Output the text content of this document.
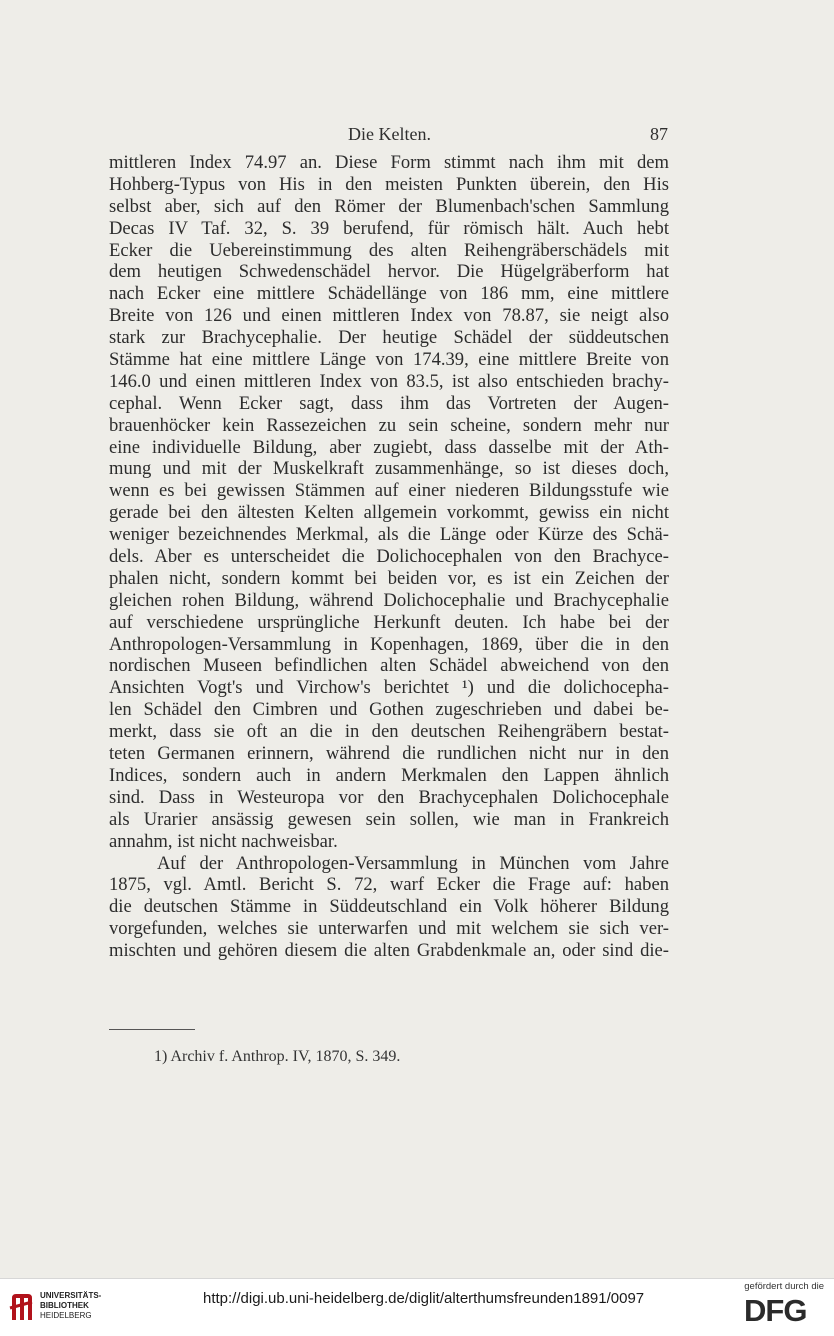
Die Kelten.	87
mittleren Index 74.97 an. Diese Form stimmt nach ihm mit dem
Hohberg-Typus von His in den meisten Punkten überein, den His
selbst aber, sich auf den Römer der Blumenbach'schen Sammlung
Decas IV Taf. 32, S. 39 berufend, für römisch hält. Auch hebt
Ecker die Uebereinstimmung des alten Reihengräberschädels mit
dem heutigen Schwedenschädel hervor. Die Hügelgräberform hat
nach Ecker eine mittlere Schädellänge von 186 mm, eine mittlere
Breite von 126 und einen mittleren Index von 78.87, sie neigt also
stark zur Brachycephalie. Der heutige Schädel der süddeutschen
Stämme hat eine mittlere Länge von 174.39, eine mittlere Breite von
146.0 und einen mittleren Index von 83.5, ist also entschieden brachy-
cephal. Wenn Ecker sagt, dass ihm das Vortreten der Augen-
brauenhöcker kein Rassezeichen zu sein scheine, sondern mehr nur
eine individuelle Bildung, aber zugiebt, dass dasselbe mit der Ath-
mung und mit der Muskelkraft zusammenhänge, so ist dieses doch,
wenn es bei gewissen Stämmen auf einer niederen Bildungsstufe wie
gerade bei den ältesten Kelten allgemein vorkommt, gewiss ein nicht
weniger bezeichnendes Merkmal, als die Länge oder Kürze des Schä-
dels. Aber es unterscheidet die Dolichocephalen von den Brachyce-
phalen nicht, sondern kommt bei beiden vor, es ist ein Zeichen der
gleichen rohen Bildung, während Dolichocephalie und Brachycephalie
auf verschiedene ursprüngliche Herkunft deuten. Ich habe bei der
Anthropologen-Versammlung in Kopenhagen, 1869, über die in den
nordischen Museen befindlichen alten Schädel abweichend von den
Ansichten Vogt's und Virchow's berichtet ¹) und die dolichocepha-
len Schädel den Cimbren und Gothen zugeschrieben und dabei be-
merkt, dass sie oft an die in den deutschen Reihengräbern bestat-
teten Germanen erinnern, während die rundlichen nicht nur in den
Indices, sondern auch in andern Merkmalen den Lappen ähnlich
sind. Dass in Westeuropa vor den Brachycephalen Dolichocephale
als Urarier ansässig gewesen sein sollen, wie man in Frankreich
annahm, ist nicht nachweisbar.
Auf der Anthropologen-Versammlung in München vom Jahre
1875, vgl. Amtl. Bericht S. 72, warf Ecker die Frage auf: haben
die deutschen Stämme in Süddeutschland ein Volk höherer Bildung
vorgefunden, welches sie unterwarfen und mit welchem sie sich ver-
mischten und gehören diesem die alten Grabdenkmale an, oder sind die-
1) Archiv f. Anthrop. IV, 1870, S. 349.
UNIVERSITÄTS-
BIBLIOTHEK
HEIDELBERG
http://digi.ub.uni-heidelberg.de/diglit/alterthumsfreunden1891/0097
gefördert durch die
DFG
